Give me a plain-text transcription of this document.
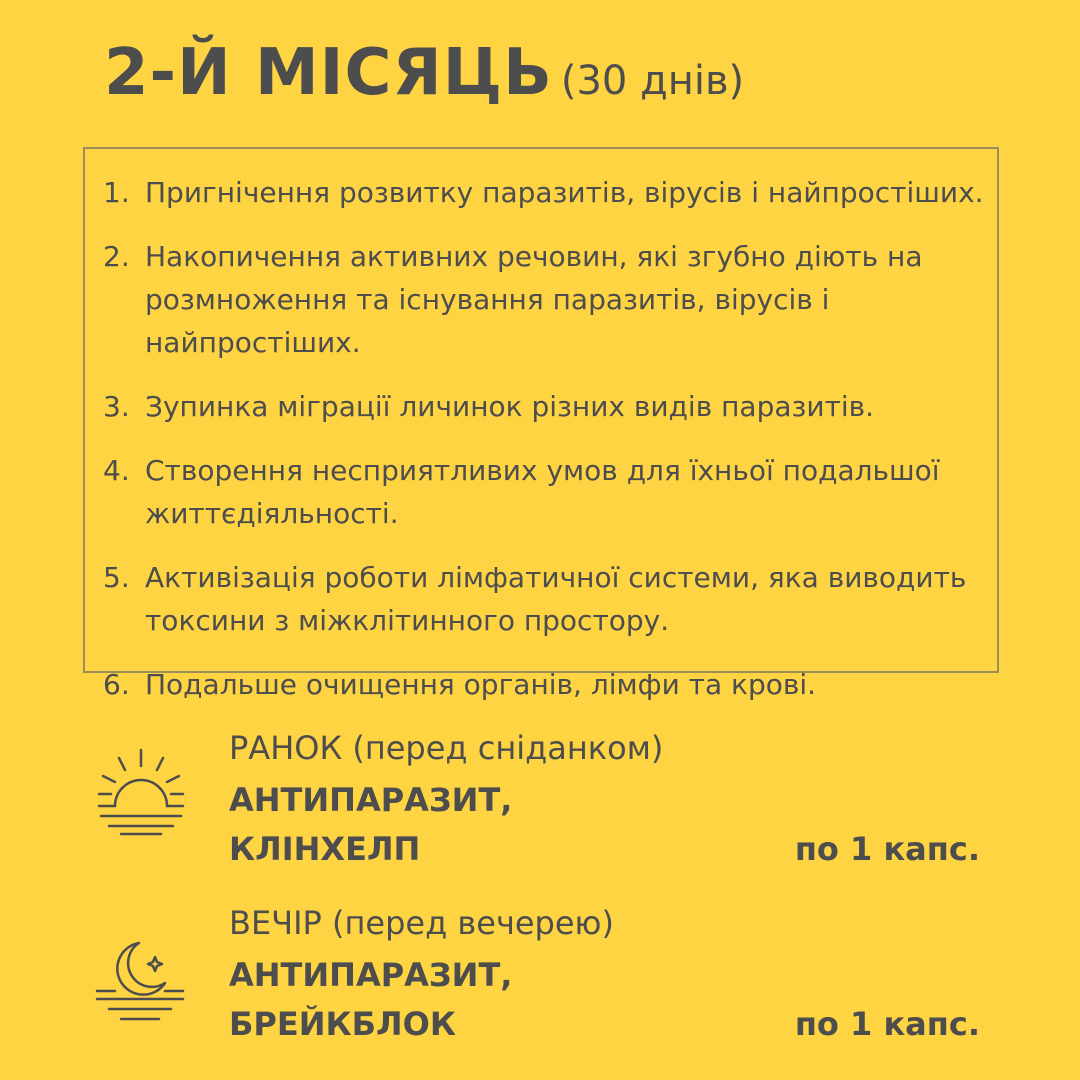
2-Й МІСЯЦЬ (30 днів)
1. Пригнічення розвитку паразитів, вірусів і найпростіших.
2. Накопичення активних речовин, які згубно діють на розмноження та існування паразитів, вірусів і найпростіших.
3. Зупинка міграції личинок різних видів паразитів.
4. Створення несприятливих умов для їхньої подальшої життєдіяльності.
5. Активізація роботи лімфатичної системи, яка виводить токсини з міжклітинного простору.
6. Подальше очищення органів, лімфи та крові.
РАНОК (перед сніданком)
АНТИПАРАЗИТ,
КЛІНХЕЛП	по 1 капс.
ВЕЧІР (перед вечерею)
АНТИПАРАЗИТ,
БРЕЙКБЛОК	по 1 капс.
